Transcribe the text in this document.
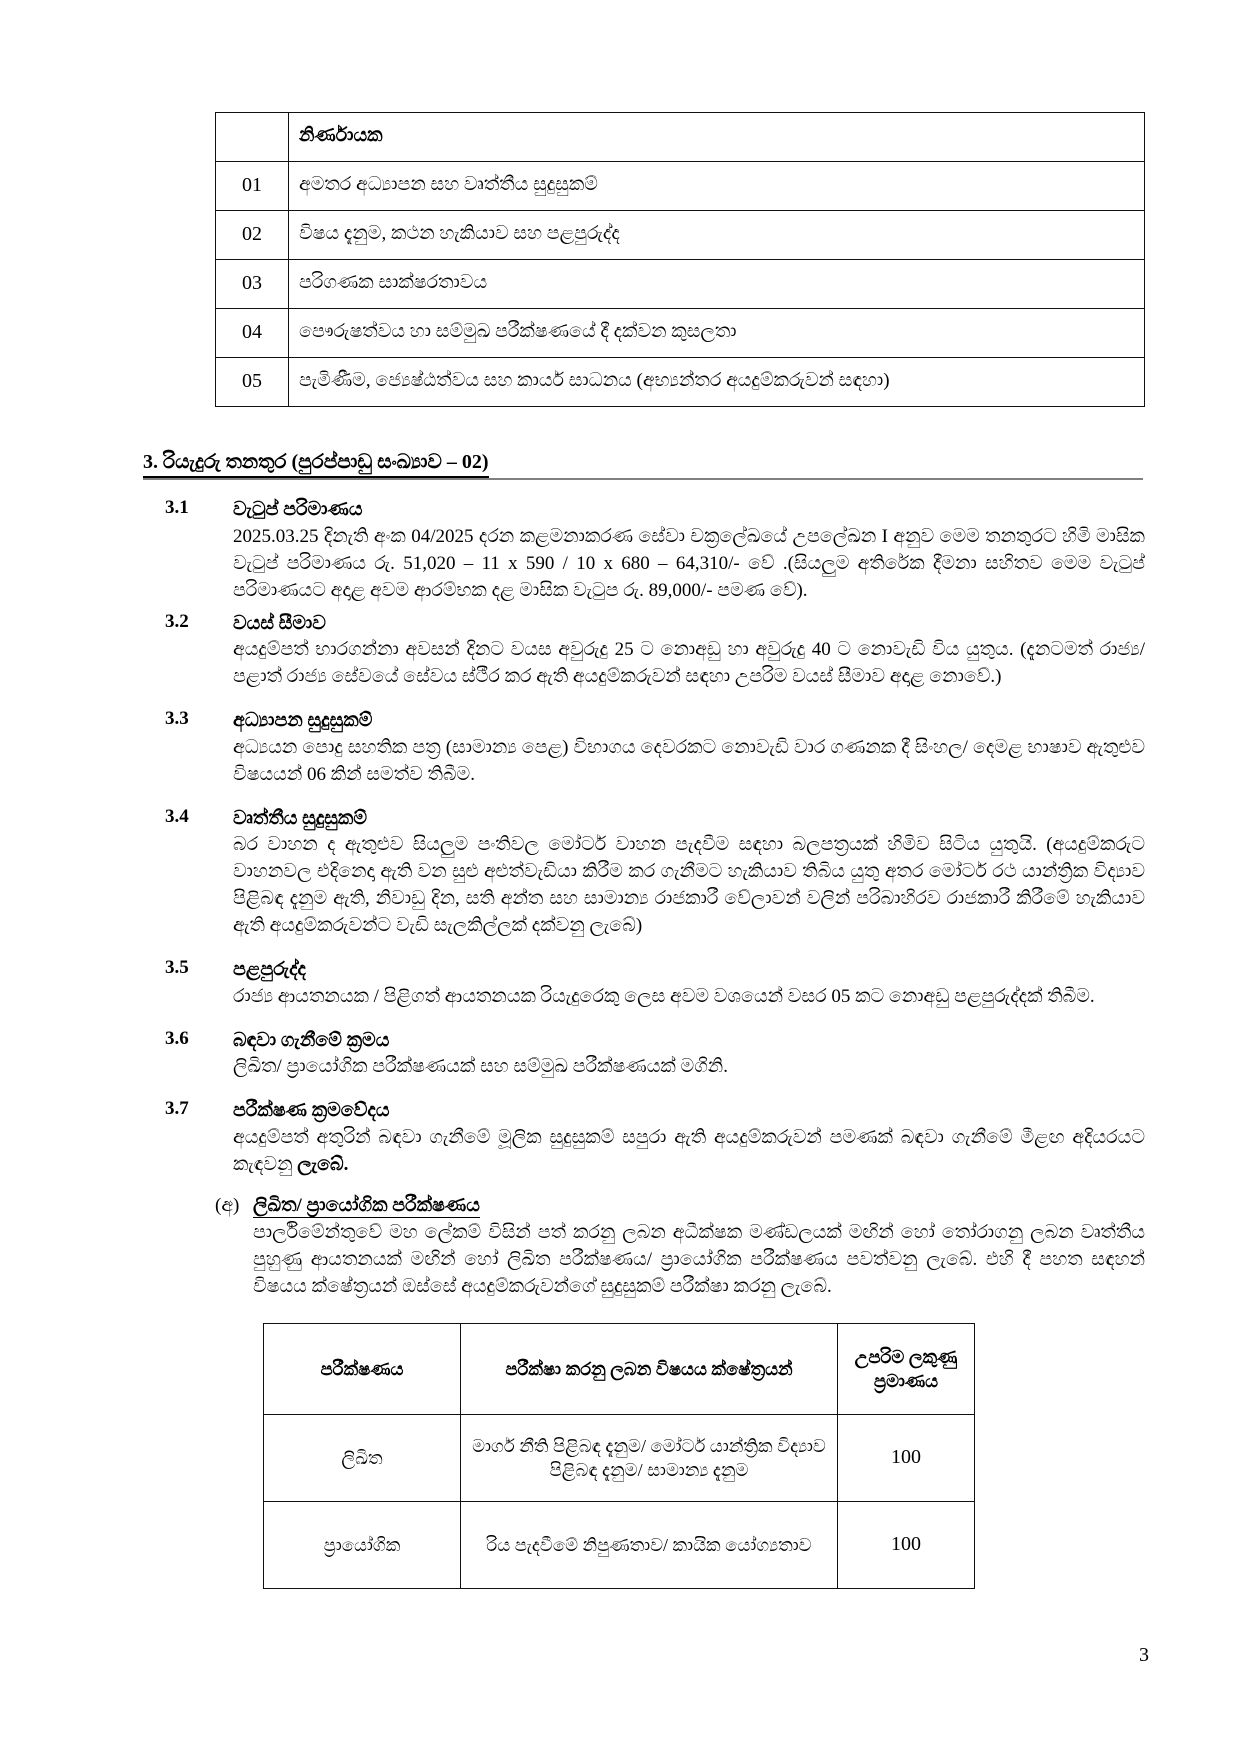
	නිර්ණායක
01	අමතර අධ්‍යාපන සහ වෘත්තීය සුදුසුකම්
02	විෂය දැනුම, කථන හැකියාව සහ පළපුරුද්ද
03	පරිගණක සාක්ෂරතාවය
04	පෞරුෂත්වය හා සම්මුඛ පරීක්ෂණයේ දී දක්වන කුසලතා
05	පැමිණීම, ජ්‍යෙෂ්ඨත්වය සහ කාර්ය සාධනය (අභ්‍යන්තර අයදුම්කරුවන් සඳහා)
3. රියැදුරු තනතුර (පුරප්පාඩු සංඛ්‍යාව – 02)
3.1 වැටුප් පරිමාණය
2025.03.25 දිනැති අංක 04/2025 දරන කළමනාකරණ සේවා චක්‍රලේඛයේ උපලේඛන I අනුව මෙම තනතුරට හිමි මාසික වැටුප් පරිමාණය රු. 51,020 – 11 x 590 / 10 x 680 – 64,310/- වේ .(සියලුම අතිරේක දීමනා සහිතව මෙම වැටුප් පරිමාණයට අදාළ අවම ආරම්භක දළ මාසික වැටුප රු. 89,000/- පමණ වේ).
3.2 වයස් සීමාව
අයදුම්පත් භාරගන්නා අවසන් දිනට වයස අවුරුදු 25 ට නොඅඩු හා අවුරුදු 40 ට නොවැඩි විය යුතුය. (දැනටමත් රාජ්‍ය/ පළාත් රාජ්‍ය සේවයේ සේවය ස්ථීර කර ඇති අයදුම්කරුවන් සඳහා උපරිම වයස් සීමාව අදාළ නොවේ.)
3.3 අධ්‍යාපන සුදුසුකම්
අධ්‍යයන පොදු සහතික පත්‍ර (සාමාන්‍ය පෙළ) විභාගය දෙවරකට නොවැඩි වාර ගණනක දී සිංහල/ දෙමළ භාෂාව ඇතුළුව විෂයයන් 06 කින් සමත්ව තිබීම.
3.4 වෘත්තීය සුදුසුකම්
බර වාහන ද ඇතුළුව සියලුම පංතිවල මෝටර් වාහන පැදවීම සඳහා බලපත්‍රයක් හිමිව සිටිය යුතුයි. (අයදුම්කරුට වාහනවල එදිනෙදා ඇති වන සුළු අළුත්වැඩියා කිරීම කර ගැනීමට හැකියාව තිබිය යුතු අතර මෝටර් රථ යාන්ත්‍රික විද්‍යාව පිළිබඳ දැනුම ඇති, නිවාඩු දින, සති අන්ත සහ සාමාන්‍ය රාජකාරී වේලාවන් වලින් පරිබාහිරව රාජකාරී කිරීමේ හැකියාව ඇති අයදුම්කරුවන්ට වැඩි සැලකිල්ලක් දක්වනු ලැබේ)
3.5 පළපුරුද්ද
රාජ්‍ය ආයතනයක / පිළිගත් ආයතනයක රියැදුරෙකු ලෙස අවම වශයෙන් වසර 05 කට නොඅඩු පළපුරුද්දක් තිබීම.
3.6 බඳවා ගැනීමේ ක්‍රමය
ලිඛිත/ ප්‍රායෝගික පරීක්ෂණයක් සහ සම්මුඛ පරීක්ෂණයක් මගිනි.
3.7 පරීක්ෂණ ක්‍රමවේදය
අයදුම්පත් අතුරින් බඳවා ගැනීමේ මූලික සුදුසුකම් සපුරා ඇති අයදුම්කරුවන් පමණක් බඳවා ගැනීමේ මීළඟ අදියරයට කැඳවනු ලැබේ.
(අ) ලිඛිත/ ප්‍රායෝගික පරීක්ෂණය
පාර්ලිමේන්තුවේ මහ ලේකම් විසින් පත් කරනු ලබන අධීක්ෂක මණ්ඩලයක් මඟින් හෝ තෝරාගනු ලබන වෘත්තීය පුහුණු ආයතනයක් මඟින් හෝ ලිඛිත පරීක්ෂණය/ ප්‍රායෝගික පරීක්ෂණය පවත්වනු ලැබේ. එහි දී පහත සඳහන් විෂයය ක්ෂේත්‍රයන් ඔස්සේ අයදුම්කරුවන්ගේ සුදුසුකම් පරීක්ෂා කරනු ලැබේ.
පරීක්ෂණය	පරීක්ෂා කරනු ලබන විෂයය ක්ෂේත්‍රයන්	උපරිම ලකුණු ප්‍රමාණය
ලිඛිත	මාර්ග නීති පිළිබඳ දැනුම/ මෝටර් යාන්ත්‍රික විද්‍යාව පිළිබඳ දැනුම/ සාමාන්‍ය දැනුම	100
ප්‍රායෝගික	රිය පැදවීමේ නිපුණතාව/ කායික යෝග්‍යතාව	100
3
